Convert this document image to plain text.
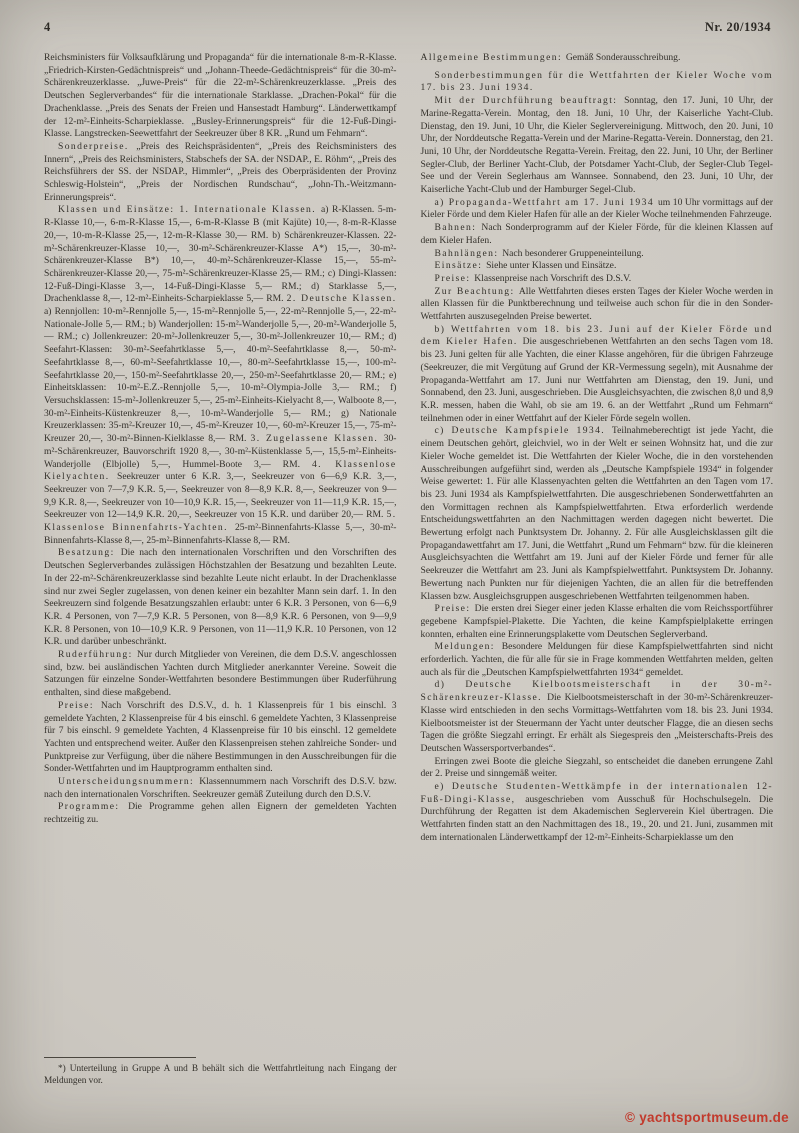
4	Nr. 20/1934

Reichsministers für Volksaufklärung und Propaganda“ für die internationale 8-m-R-Klasse. „Friedrich-Kirsten-Gedächtnispreis“ und „Johann-Theede-Gedächtnispreis“ für die 30-m²-Schärenkreuzerklasse. „Juwe-Preis“ für die 22-m²-Schärenkreuzerklasse. „Preis des Deutschen Seglerverbandes“ für die internationale Starklasse. „Drachen-Pokal“ für die Drachenklasse. „Preis des Senats der Freien und Hansestadt Hamburg“. Länderwettkampf der 12-m²-Einheits-Scharpieklasse. „Busley-Erinnerungspreis“ für die 12-Fuß-Dingi-Klasse. Langstrecken-Seewettfahrt der Seekreuzer über 8 KR. „Rund um Fehmarn“.

Sonderpreise. „Preis des Reichspräsidenten“, „Preis des Reichsministers des Innern“, „Preis des Reichsministers, Stabschefs der SA. der NSDAP., E. Röhm“, „Preis des Reichsführers der SS. der NSDAP., Himmler“, „Preis des Oberpräsidenten der Provinz Schleswig-Holstein“, „Preis der Nordischen Rundschau“, „John-Th.-Weitzmann-Erinnerungspreis“.

Klassen und Einsätze: 1. Internationale Klassen. a) R-Klassen. 5-m-R-Klasse 10,—, 6-m-R-Klasse 15,—, 6-m-R-Klasse B (mit Kajüte) 10,—, 8-m-R-Klasse 20,—, 10-m-R-Klasse 25,—, 12-m-R-Klasse 30,— RM. b) Schärenkreuzer-Klassen. 22-m²-Schärenkreuzer-Klasse 10,—, 30-m²-Schärenkreuzer-Klasse A*) 15,—, 30-m²-Schärenkreuzer-Klasse B*) 10,—, 40-m²-Schärenkreuzer-Klasse 15,—, 55-m²-Schärenkreuzer-Klasse 20,—, 75-m²-Schärenkreuzer-Klasse 25,— RM.; c) Dingi-Klassen: 12-Fuß-Dingi-Klasse 3,—, 14-Fuß-Dingi-Klasse 5,— RM.; d) Starklasse 5,—, Drachenklasse 8,—, 12-m²-Einheits-Scharpieklasse 5,— RM. 2. Deutsche Klassen. a) Rennjollen: 10-m²-Rennjolle 5,—, 15-m²-Rennjolle 5,—, 22-m²-Rennjolle 5,—, 22-m²-Nationale-Jolle 5,— RM.; b) Wanderjollen: 15-m²-Wanderjolle 5,—, 20-m²-Wanderjolle 5,— RM.; c) Jollenkreuzer: 20-m²-Jollenkreuzer 5,—, 30-m²-Jollenkreuzer 10,— RM.; d) Seefahrt-Klassen: 30-m²-Seefahrtklasse 5,—, 40-m²-Seefahrtklasse 8,—, 50-m²-Seefahrtklasse 8,—, 60-m²-Seefahrtklasse 10,—, 80-m²-Seefahrtklasse 15,—, 100-m²-Seefahrtklasse 20,—, 150-m²-Seefahrtklasse 20,—, 250-m²-Seefahrtklasse 20,— RM.; e) Einheitsklassen: 10-m²-E.Z.-Rennjolle 5,—, 10-m²-Olympia-Jolle 3,— RM.; f) Versuchsklassen: 15-m²-Jollenkreuzer 5,—, 25-m²-Einheits-Kielyacht 8,—, Walboote 8,—, 30-m²-Einheits-Küstenkreuzer 8,—, 10-m²-Wanderjolle 5,— RM.; g) Nationale Kreuzerklassen: 35-m²-Kreuzer 10,—, 45-m²-Kreuzer 10,—, 60-m²-Kreuzer 15,—, 75-m²-Kreuzer 20,—, 30-m²-Binnen-Kielklasse 8,— RM. 3. Zugelassene Klassen. 30-m²-Schärenkreuzer, Bauvorschrift 1920 8,—, 30-m²-Küstenklasse 5,—, 15,5-m²-Einheits-Wanderjolle (Elbjolle) 5,—, Hummel-Boote 3,— RM. 4. Klassenlose Kielyachten. Seekreuzer unter 6 K.R. 3,—, Seekreuzer von 6—6,9 K.R. 3,—, Seekreuzer von 7—7,9 K.R. 5,—, Seekreuzer von 8—8,9 K.R. 8,—, Seekreuzer von 9—9,9 K.R. 8,—, Seekreuzer von 10—10,9 K.R. 15,—, Seekreuzer von 11—11,9 K.R. 15,—, Seekreuzer von 12—14,9 K.R. 20,—, Seekreuzer von 15 K.R. und darüber 20,— RM. 5. Klassenlose Binnenfahrts-Yachten. 25-m²-Binnenfahrts-Klasse 5,—, 30-m²-Binnenfahrts-Klasse 8,—, 25-m²-Binnenfahrts-Klasse 8,— RM.

Besatzung: Die nach den internationalen Vorschriften und den Vorschriften des Deutschen Seglerverbandes zulässigen Höchstzahlen der Besatzung und bezahlten Leute. In der 22-m²-Schärenkreuzerklasse sind bezahlte Leute nicht erlaubt. In der Drachenklasse sind nur zwei Segler zugelassen, von denen keiner ein bezahlter Mann sein darf. 1. In den Seekreuzern sind folgende Besatzungszahlen erlaubt: unter 6 K.R. 3 Personen, von 6—6,9 K.R. 4 Personen, von 7—7,9 K.R. 5 Personen, von 8—8,9 K.R. 6 Personen, von 9—9,9 K.R. 8 Personen, von 10—10,9 K.R. 9 Personen, von 11—11,9 K.R. 10 Personen, von 12 K.R. und darüber unbeschränkt.

Ruderführung: Nur durch Mitglieder von Vereinen, die dem D.S.V. angeschlossen sind, bzw. bei ausländischen Yachten durch Mitglieder anerkannter Vereine. Soweit die Satzungen für einzelne Sonder-Wettfahrten besondere Bestimmungen über Ruderführung enthalten, sind diese maßgebend.

Preise: Nach Vorschrift des D.S.V., d. h. 1 Klassenpreis für 1 bis einschl. 3 gemeldete Yachten, 2 Klassenpreise für 4 bis einschl. 6 gemeldete Yachten, 3 Klassenpreise für 7 bis einschl. 9 gemeldete Yachten, 4 Klassenpreise für 10 bis einschl. 12 gemeldete Yachten und entsprechend weiter. Außer den Klassenpreisen stehen zahlreiche Sonder- und Punktpreise zur Verfügung, über die nähere Bestimmungen in den Ausschreibungen für die Sonder-Wettfahrten und im Hauptprogramm enthalten sind.

Unterscheidungsnummern: Klassennummern nach Vorschrift des D.S.V. bzw. nach den internationalen Vorschriften. Seekreuzer gemäß Zuteilung durch den D.S.V.

Programme: Die Programme gehen allen Eignern der gemeldeten Yachten rechtzeitig zu.

*) Unterteilung in Gruppe A und B behält sich die Wettfahrtleitung nach Eingang der Meldungen vor.

Allgemeine Bestimmungen: Gemäß Sonderausschreibung.

Sonderbestimmungen für die Wettfahrten der Kieler Woche vom 17. bis 23. Juni 1934.

Mit der Durchführung beauftragt: Sonntag, den 17. Juni, 10 Uhr, der Marine-Regatta-Verein. Montag, den 18. Juni, 10 Uhr, der Kaiserliche Yacht-Club. Dienstag, den 19. Juni, 10 Uhr, die Kieler Seglervereinigung. Mittwoch, den 20. Juni, 10 Uhr, der Norddeutsche Regatta-Verein und der Marine-Regatta-Verein. Donnerstag, den 21. Juni, 10 Uhr, der Norddeutsche Regatta-Verein. Freitag, den 22. Juni, 10 Uhr, der Berliner Segler-Club, der Berliner Yacht-Club, der Potsdamer Yacht-Club, der Segler-Club Tegel-See und der Verein Seglerhaus am Wannsee. Sonnabend, den 23. Juni, 10 Uhr, der Kaiserliche Yacht-Club und der Hamburger Segel-Club.

a) Propaganda-Wettfahrt am 17. Juni 1934 um 10 Uhr vormittags auf der Kieler Förde und dem Kieler Hafen für alle an der Kieler Woche teilnehmenden Fahrzeuge.

Bahnen: Nach Sonderprogramm auf der Kieler Förde, für die kleinen Klassen auf dem Kieler Hafen.

Bahnlängen: Nach besonderer Gruppeneinteilung.

Einsätze: Siehe unter Klassen und Einsätze.

Preise: Klassenpreise nach Vorschrift des D.S.V.

Zur Beachtung: Alle Wettfahrten dieses ersten Tages der Kieler Woche werden in allen Klassen für die Punktberechnung und teilweise auch schon für die in den Sonder-Wettfahrten auszusegelnden Preise bewertet.

b) Wettfahrten vom 18. bis 23. Juni auf der Kieler Förde und dem Kieler Hafen. Die ausgeschriebenen Wettfahrten an den sechs Tagen vom 18. bis 23. Juni gelten für alle Yachten, die einer Klasse angehören, für die übrigen Fahrzeuge (Seekreuzer, die mit Vergütung auf Grund der KR-Vermessung segeln), mit Ausnahme der Propaganda-Wettfahrt am 17. Juni nur Wettfahrten am Dienstag, den 19. Juni, und Sonnabend, den 23. Juni, ausgeschrieben. Die Ausgleichsyachten, die zwischen 8,0 und 8,9 K.R. messen, haben die Wahl, ob sie am 19. 6. an der Wettfahrt „Rund um Fehmarn“ teilnehmen oder in einer Wettfahrt auf der Kieler Förde segeln wollen.

c) Deutsche Kampfspiele 1934. Teilnahmeberechtigt ist jede Yacht, die einem Deutschen gehört, gleichviel, wo in der Welt er seinen Wohnsitz hat, und die zur Kieler Woche gemeldet ist. Die Wettfahrten der Kieler Woche, die in den vorstehenden Ausschreibungen aufgeführt sind, werden als „Deutsche Kampfspiele 1934“ in folgender Weise gewertet: 1. Für alle Klassenyachten gelten die Wettfahrten an den Tagen vom 17. bis 23. Juni 1934 als Kampfspielwettfahrten. Die ausgeschriebenen Sonderwettfahrten an den Vormittagen rechnen als Kampfspielwettfahrten. Etwa erforderlich werdende Entscheidungswettfahrten an den Nachmittagen werden dagegen nicht bewertet. Die Bewertung erfolgt nach Punktsystem Dr. Johanny. 2. Für alle Ausgleichsklassen gilt die Propagandawettfahrt am 17. Juni, die Wettfahrt „Rund um Fehmarn“ bzw. für die kleineren Ausgleichsyachten die Wettfahrt am 19. Juni auf der Kieler Förde und ferner für alle Seekreuzer die Wettfahrt am 23. Juni als Kampfspielwettfahrt. Punktsystem Dr. Johanny. Bewertung nach Punkten nur für diejenigen Yachten, die an allen für die betreffenden Klassen bzw. Ausgleichsgruppen ausgeschriebenen Wettfahrten teilgenommen haben.

Preise: Die ersten drei Sieger einer jeden Klasse erhalten die vom Reichssportführer gegebene Kampfspiel-Plakette. Die Yachten, die keine Kampfspielplakette erringen konnten, erhalten eine Erinnerungsplakette vom Deutschen Seglerverband.

Meldungen: Besondere Meldungen für diese Kampfspielwettfahrten sind nicht erforderlich. Yachten, die für alle für sie in Frage kommenden Wettfahrten melden, gelten auch als für die „Deutschen Kampfspielwettfahrten 1934“ gemeldet.

d) Deutsche Kielbootsmeisterschaft in der 30-m²-Schärenkreuzer-Klasse. Die Kielbootsmeisterschaft in der 30-m²-Schärenkreuzer-Klasse wird entschieden in den sechs Vormittags-Wettfahrten vom 18. bis 23. Juni 1934. Kielbootsmeister ist der Steuermann der Yacht unter deutscher Flagge, die an diesen sechs Tagen die größte Siegzahl erringt. Er erhält als Siegespreis den „Meisterschafts-Preis des Deutschen Wassersportverbandes“.

Erringen zwei Boote die gleiche Siegzahl, so entscheidet die daneben errungene Zahl der 2. Preise und sinngemäß weiter.

e) Deutsche Studenten-Wettkämpfe in der internationalen 12-Fuß-Dingi-Klasse, ausgeschrieben vom Ausschuß für Hochschulsegeln. Die Durchführung der Regatten ist dem Akademischen Seglerverein Kiel übertragen. Die Wettfahrten finden statt an den Nachmittagen des 18., 19., 20. und 21. Juni, zusammen mit dem internationalen Länderwettkampf der 12-m²-Einheits-Scharpieklasse um den

© yachtsportmuseum.de
